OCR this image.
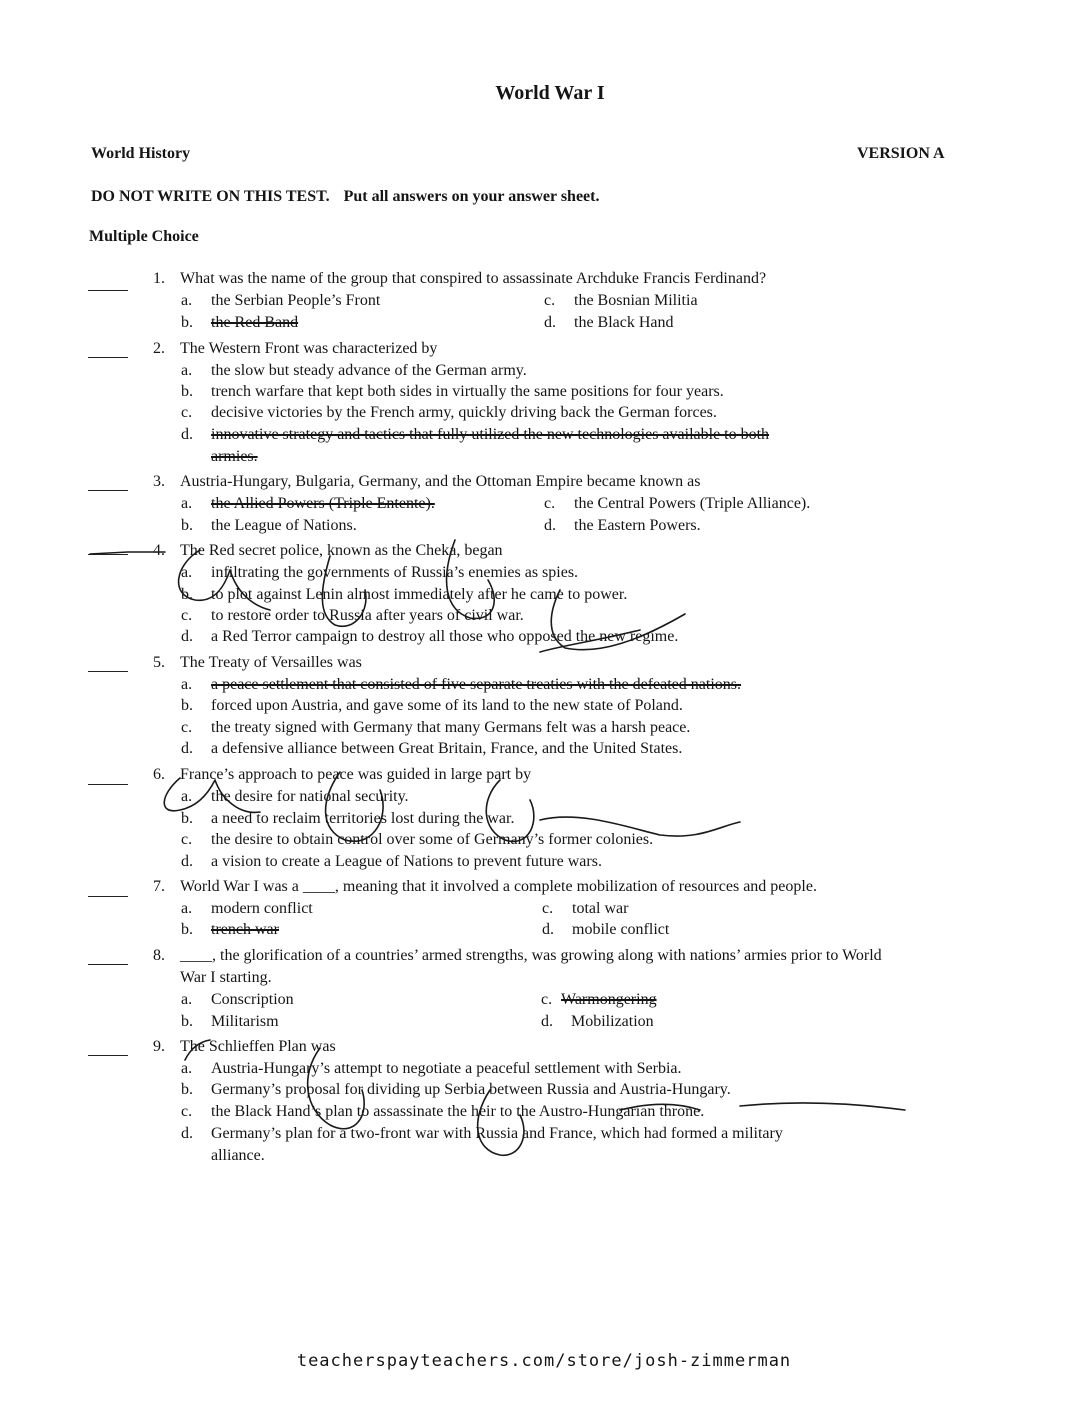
World War I
World History	VERSION A
DO NOT WRITE ON THIS TEST. Put all answers on your answer sheet.
Multiple Choice
1. What was the name of the group that conspired to assassinate Archduke Francis Ferdinand?
a. the Serbian People’s Front
b. the Red Band
c. the Bosnian Militia
d. the Black Hand
2. The Western Front was characterized by
a. the slow but steady advance of the German army.
b. trench warfare that kept both sides in virtually the same positions for four years.
c. decisive victories by the French army, quickly driving back the German forces.
d. innovative strategy and tactics that fully utilized the new technologies available to both
armies.
3. Austria-Hungary, Bulgaria, Germany, and the Ottoman Empire became known as
a. the Allied Powers (Triple Entente).
b. the League of Nations.
c. the Central Powers (Triple Alliance).
d. the Eastern Powers.
4. The Red secret police, known as the Cheka, began
a. infiltrating the governments of Russia’s enemies as spies.
b. to plot against Lenin almost immediately after he came to power.
c. to restore order to Russia after years of civil war.
d. a Red Terror campaign to destroy all those who opposed the new regime.
5. The Treaty of Versailles was
a. a peace settlement that consisted of five separate treaties with the defeated nations.
b. forced upon Austria, and gave some of its land to the new state of Poland.
c. the treaty signed with Germany that many Germans felt was a harsh peace.
d. a defensive alliance between Great Britain, France, and the United States.
6. France’s approach to peace was guided in large part by
a. the desire for national security.
b. a need to reclaim territories lost during the war.
c. the desire to obtain control over some of Germany’s former colonies.
d. a vision to create a League of Nations to prevent future wars.
7. World War I was a ____, meaning that it involved a complete mobilization of resources and people.
a. modern conflict
b. trench war
c. total war
d. mobile conflict
8. ____, the glorification of a countries’ armed strengths, was growing along with nations’ armies prior to World
War I starting.
a. Conscription
b. Militarism
c. Warmongering
d. Mobilization
9. The Schlieffen Plan was
a. Austria-Hungary’s attempt to negotiate a peaceful settlement with Serbia.
b. Germany’s proposal for dividing up Serbia between Russia and Austria-Hungary.
c. the Black Hand’s plan to assassinate the heir to the Austro-Hungarian throne.
d. Germany’s plan for a two-front war with Russia and France, which had formed a military
alliance.
teacherspayteachers.com/store/josh-zimmerman
